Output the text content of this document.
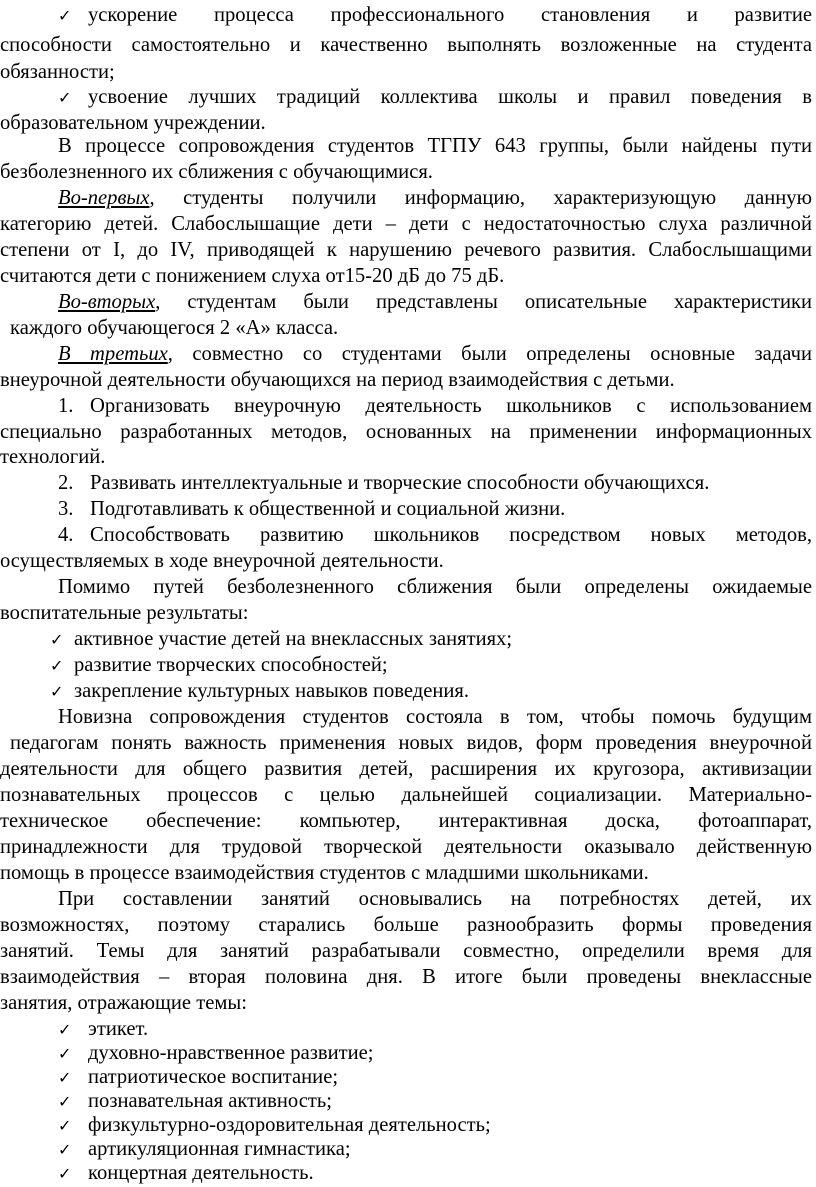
✓ ускорение процесса профессионального становления и развитие
способности самостоятельно и качественно выполнять возложенные на студента
обязанности;
✓ усвоение лучших традиций коллектива школы и правил поведения в
образовательном учреждении.
В процессе сопровождения студентов ТГПУ 643 группы, были найдены пути
безболезненного их сближения с обучающимися.
Во-первых, студенты получили информацию, характеризующую данную
категорию детей. Слабослышащие дети – дети с недостаточностью слуха различной
степени от I, до IV, приводящей к нарушению речевого развития. Слабослышащими
считаются дети с понижением слуха от15-20 дБ до 75 дБ.
Во-вторых, студентам были представлены описательные характеристики
каждого обучающегося 2 «А» класса.
В третьих, совместно со студентами были определены основные задачи
внеурочной деятельности обучающихся на период взаимодействия с детьми.
1. Организовать внеурочную деятельность школьников с использованием
специально разработанных методов, основанных на применении информационных
технологий.
2. Развивать интеллектуальные и творческие способности обучающихся.
3. Подготавливать к общественной и социальной жизни.
4. Способствовать развитию школьников посредством новых методов,
осуществляемых в ходе внеурочной деятельности.
Помимо путей безболезненного сближения были определены ожидаемые
воспитательные результаты:
✓ активное участие детей на внеклассных занятиях;
✓ развитие творческих способностей;
✓ закрепление культурных навыков поведения.
Новизна сопровождения студентов состояла в том, чтобы помочь будущим
педагогам понять важность применения новых видов, форм проведения внеурочной
деятельности для общего развития детей, расширения их кругозора, активизации
познавательных процессов с целью дальнейшей социализации. Материально-
техническое обеспечение: компьютер, интерактивная доска, фотоаппарат,
принадлежности для трудовой творческой деятельности оказывало действенную
помощь в процессе взаимодействия студентов с младшими школьниками.
При составлении занятий основывались на потребностях детей, их
возможностях, поэтому старались больше разнообразить формы проведения
занятий. Темы для занятий разрабатывали совместно, определили время для
взаимодействия – вторая половина дня. В итоге были проведены внеклассные
занятия, отражающие темы:
✓ этикет.
✓ духовно-нравственное развитие;
✓ патриотическое воспитание;
✓ познавательная активность;
✓ физкультурно-оздоровительная деятельность;
✓ артикуляционная гимнастика;
✓ концертная деятельность.
